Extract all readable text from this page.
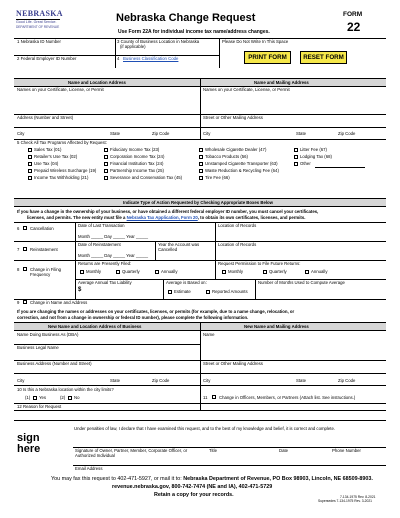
NEBRASKA
Good Life. Great Service.
DEPARTMENT OF REVENUE
Nebraska Change Request
Use Form 22A for individual income tax name/address changes.
FORM
22
1 Nebraska ID Number	3 County of Business Location in Nebraska
(if applicable)
Please Do Not Write In This Space
PRINT FORM	RESET FORM
2 Federal Employer ID Number	4 Business Classification Code
Name and Location Address	Name and Mailing Address
Names on your Certificate, License, or Permit	Names on your Certificate, License, or Permit
Address (Number and Street)	Street or Other Mailing Address
City	State	Zip Code	City	State	Zip Code
5 Check All Tax Programs Affected by Request:
Sales Tax (01)
Retailer's Use Tax (02)
Use Tax (04)
Prepaid Wireless Surcharge (19)
Income Tax Withholding (21)
Fiduciary Income Tax (23)
Corporation Income Tax (24)
Financial Institution Tax (24)
Partnership Income Tax (25)
Severance and Conservation Tax (45)
Wholesale Cigarette Dealer (47)
Tobacco Products (56)
Unstamped Cigarette Transporter (63)
Waste Reduction & Recycling Fee (64)
Tire Fee (66)
Litter Fee (67)
Lodging Tax (68)
Other
Indicate Type of Action Requested by Checking Appropriate Boxes Below
If you have a change in the ownership of your business, or have obtained a different federal employer ID number, you must cancel your certificates,
licenses, and permits. The new entity must file a Nebraska Tax Application, Form 20, to obtain its own certificates, licenses, and permits.
6 Cancellation
Date of Last Transaction	Location of Records
Month _____ Day _____ Year _____
7 Reinstatement
Date of Reinstatement	Year the Account was Cancelled
Location of Records
Month _____ Day _____ Year _____
8 Change in Filing Frequency
Returns are Presently Filed:
Monthly	Quarterly	Annually
Request Permission to File Future Returns:
Monthly	Quarterly	Annually
Average Annual Tax Liability
$
Average is Based on:
Estimate	Reported Amounts
Number of Months Used to Compute Average
9 Change in Name and Address
If you are changing the names or addresses on your certificates, licenses, or permits (for example, due to a name change, relocation, or
correction, and not from a change in ownership or federal ID number), please complete the following information.
New Name and Location Address of Business	New Name and Mailing Address
Name Doing Business As (DBA)	Name
Business Legal Name
Business Address (Number and Street)	Street or Other Mailing Address
City	State	Zip Code	City	State	Zip Code
10 Is this a Nebraska location within the city limits?
(1) Yes	(2) No	11	Change in Officers, Members, or Partners (Attach list. See instructions.)
12 Reason for Request
Under penalties of law, I declare that I have examined this request, and to the best of my knowledge and belief, it is correct and complete.
sign
here	Signature of Owner, Partner, Member, Corporate Officer, or
Authorized Individual
Title	Date	Phone Number
Email Address
You may fax this request to 402-471-5927, or mail it to: Nebraska Department of Revenue, PO Box 98903, Lincoln, NE 68509-8903.
revenue.nebraska.gov, 800-742-7474 (NE and IA), 402-471-5729
Retain a copy for your records.	7-134-1975 Rev. 8-2021
Supersedes 7-134-1975 Rev. 3-2021
